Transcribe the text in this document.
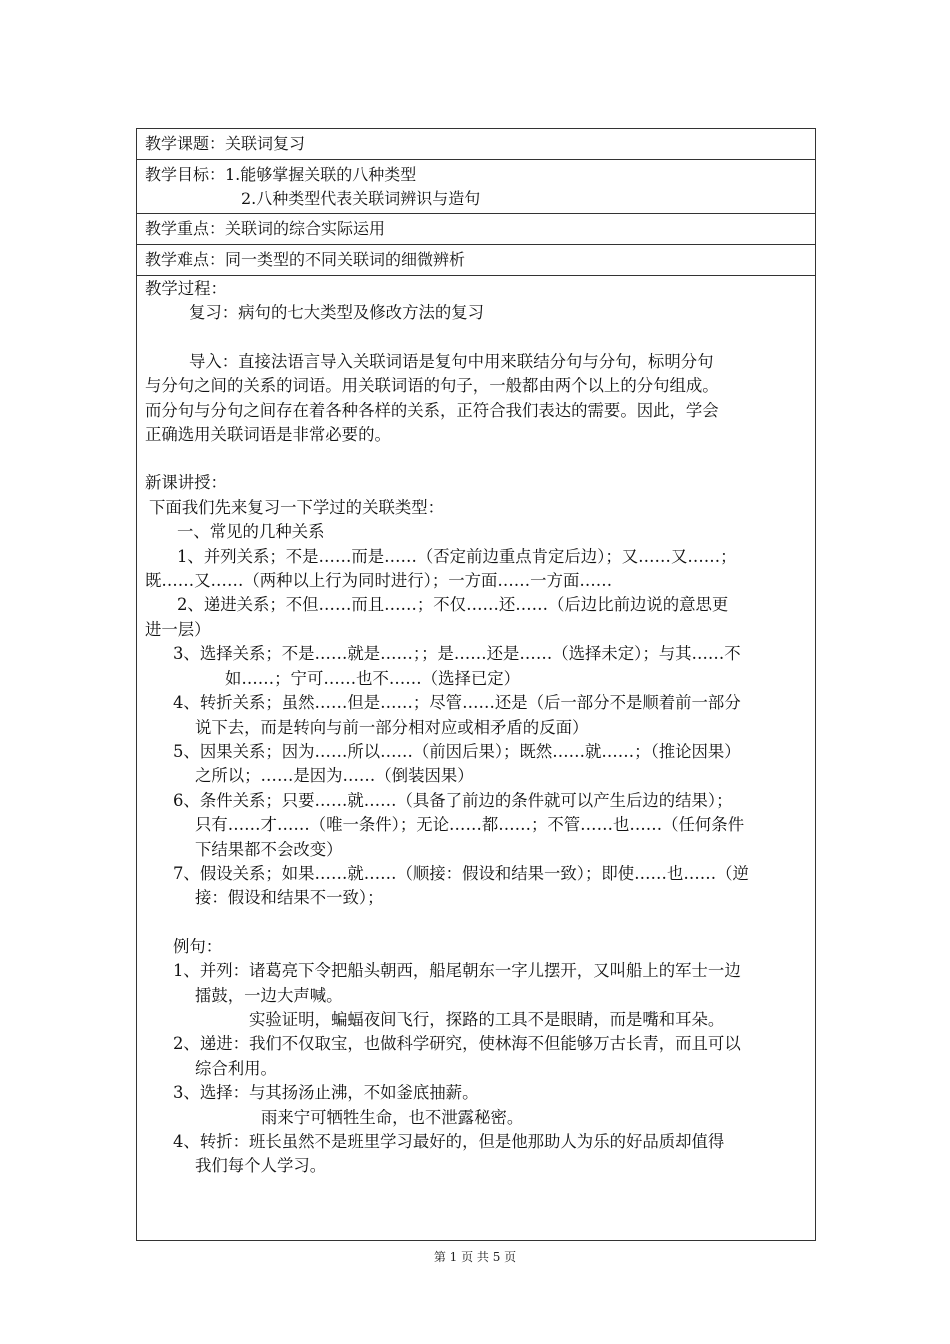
教学课题：关联词复习
教学目标：1.能够掌握关联的八种类型
2.八种类型代表关联词辨识与造句
教学重点：关联词的综合实际运用
教学难点：同一类型的不同关联词的细微辨析

教学过程：

复习：病句的七大类型及修改方法的复习

导入：直接法语言导入关联词语是复句中用来联结分句与分句，标明分句

与分句之间的关系的词语。用关联词语的句子，一般都由两个以上的分句组成。

而分句与分句之间存在着各种各样的关系，正符合我们表达的需要。因此，学会

正确选用关联词语是非常必要的。

新课讲授：

下面我们先来复习一下学过的关联类型：

一、常见的几种关系

1、并列关系；不是……而是……（否定前边重点肯定后边）；又……又……；

既……又……（两种以上行为同时进行）；一方面……一方面……

2、递进关系；不但……而且……；不仅……还……（后边比前边说的意思更

进一层）

3、选择关系；不是……就是……；；是……还是……（选择未定）；与其……不

如……；宁可……也不……（选择已定）

4、转折关系；虽然……但是……；尽管……还是（后一部分不是顺着前一部分

说下去，而是转向与前一部分相对应或相矛盾的反面）

5、因果关系；因为……所以……（前因后果）；既然……就……；（推论因果）

之所以；……是因为……（倒装因果）

6、条件关系；只要……就……（具备了前边的条件就可以产生后边的结果）；

只有……才……（唯一条件）；无论……都……；不管……也……（任何条件

下结果都不会改变）

7、假设关系；如果……就……（顺接：假设和结果一致）；即使……也……（逆

接：假设和结果不一致）；

例句：

1、并列：诸葛亮下令把船头朝西，船尾朝东一字儿摆开，又叫船上的军士一边

擂鼓，一边大声喊。

实验证明，蝙蝠夜间飞行，探路的工具不是眼睛，而是嘴和耳朵。

2、递进：我们不仅取宝，也做科学研究，使林海不但能够万古长青，而且可以

综合利用。

3、选择：与其扬汤止沸，不如釜底抽薪。

雨来宁可牺牲生命，也不泄露秘密。

4、转折：班长虽然不是班里学习最好的，但是他那助人为乐的好品质却值得

我们每个人学习。

第 1 页 共 5 页
